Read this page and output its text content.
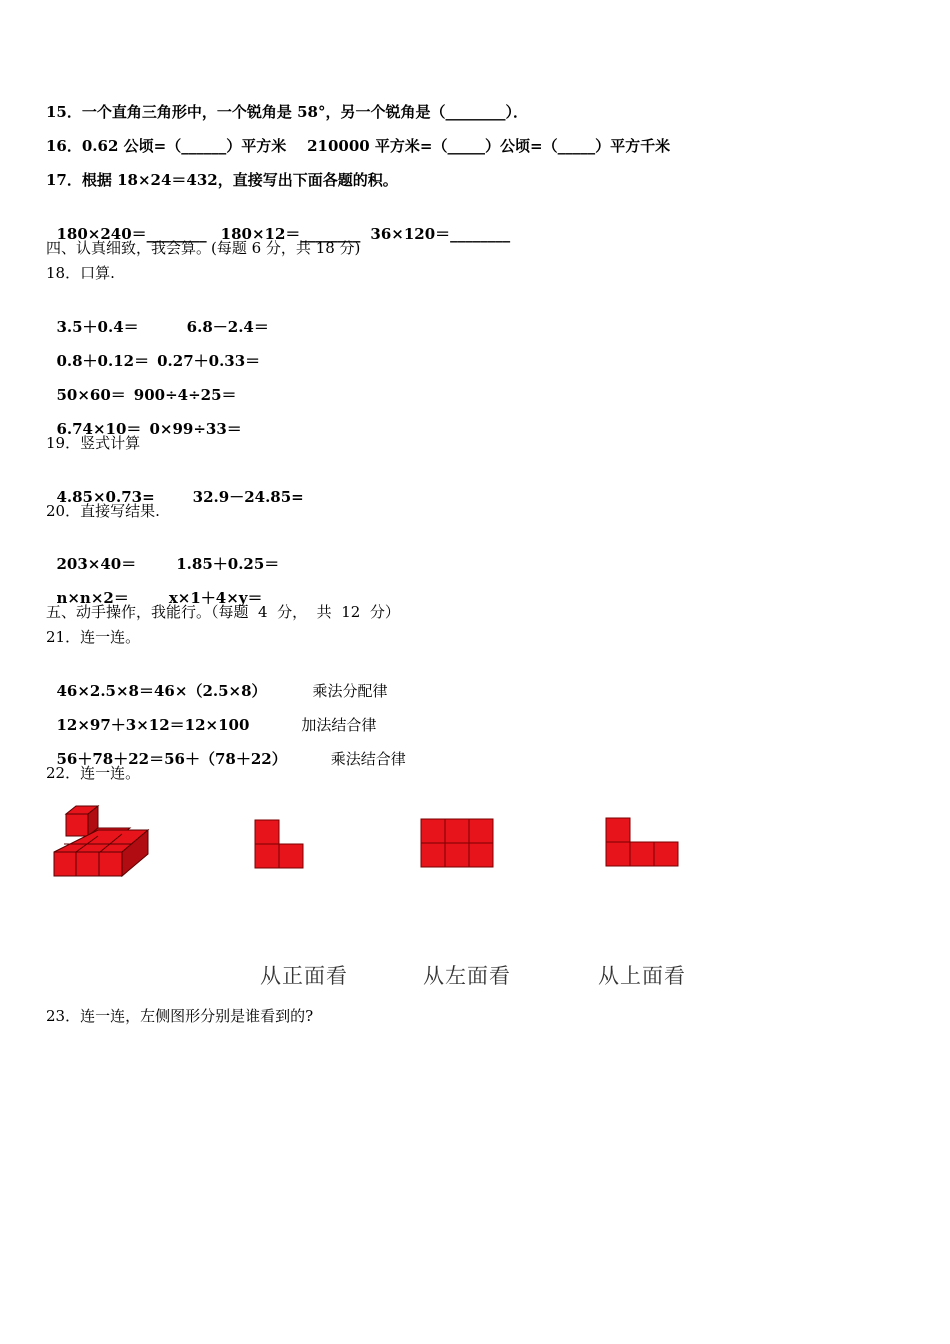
15．一个直角三角形中，一个锐角是 58°，另一个锐角是（________）．
16．0.62 公顷=（______）平方米    210000 平方米=（_____）公顷=（_____）平方千米
17．根据 18×24＝432，直接写出下面各题的积。

180×240＝________ 180×12＝________ 36×120＝________

四、认真细致，我会算。(每题 6 分，共 18 分)
18．口算.

3.5＋0.4＝	6.8－2.4＝

0.8＋0.12＝ 0.27＋0.33＝

50×60＝ 900÷4÷25＝

6.74×10＝ 0×99÷33＝

19．竖式计算

4.85×0.73=	32.9－24.85=

20．直接写结果.

203×40＝	1.85＋0.25＝

n×n×2＝	x×1＋4×y＝

五、动手操作，我能行。（每题  4  分，  共  12  分）
21．连一连。

46×2.5×8＝46×（2.5×8）	乘法分配律

12×97＋3×12＝12×100	加法结合律

56＋78＋22＝56＋（78＋22）	乘法结合律

22．连一连。
从正面看	从左面看	从上面看
23．连一连，左侧图形分别是谁看到的?
